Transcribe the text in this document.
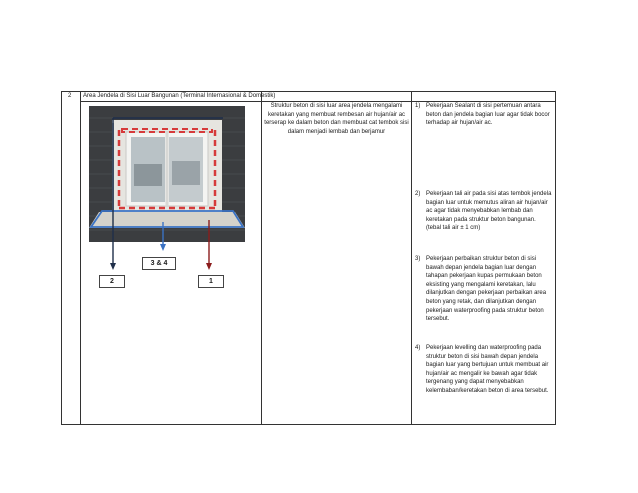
2 Area Jendela di Sisi Luar Bangunan (Terminal Internasional & Domestik)
2
3 & 4
1
Struktur beton di sisi luar area jendela mengalami keretakan yang membuat rembesan air hujan/air ac terserap ke dalam beton dan membuat cat tembok sisi dalam menjadi lembab dan berjamur
1) Pekerjaan Sealant di sisi pertemuan antara beton dan jendela bagian luar agar tidak bocor terhadap air hujan/air ac.
2) Pekerjaan tali air pada sisi atas tembok jendela bagian luar untuk memutus aliran air hujan/air ac agar tidak menyebabkan lembab dan keretakan pada struktur beton bangunan. (tebal tali air ± 1 cm)
3) Pekerjaan perbaikan struktur beton di sisi bawah depan jendela bagian luar dengan tahapan pekerjaan kupas permukaan beton eksisting yang mengalami keretakan, lalu dilanjutkan dengan pekerjaan perbaikan area beton yang retak, dan dilanjutkan dengan pekerjaan waterproofing pada struktur beton tersebut.
4) Pekerjaan levelling dan waterproofing pada struktur beton di sisi bawah depan jendela bagian luar yang bertujuan untuk membuat air hujan/air ac mengalir ke bawah agar tidak tergenang yang dapat menyebabkan kelembaban/keretakan beton di area tersebut.
